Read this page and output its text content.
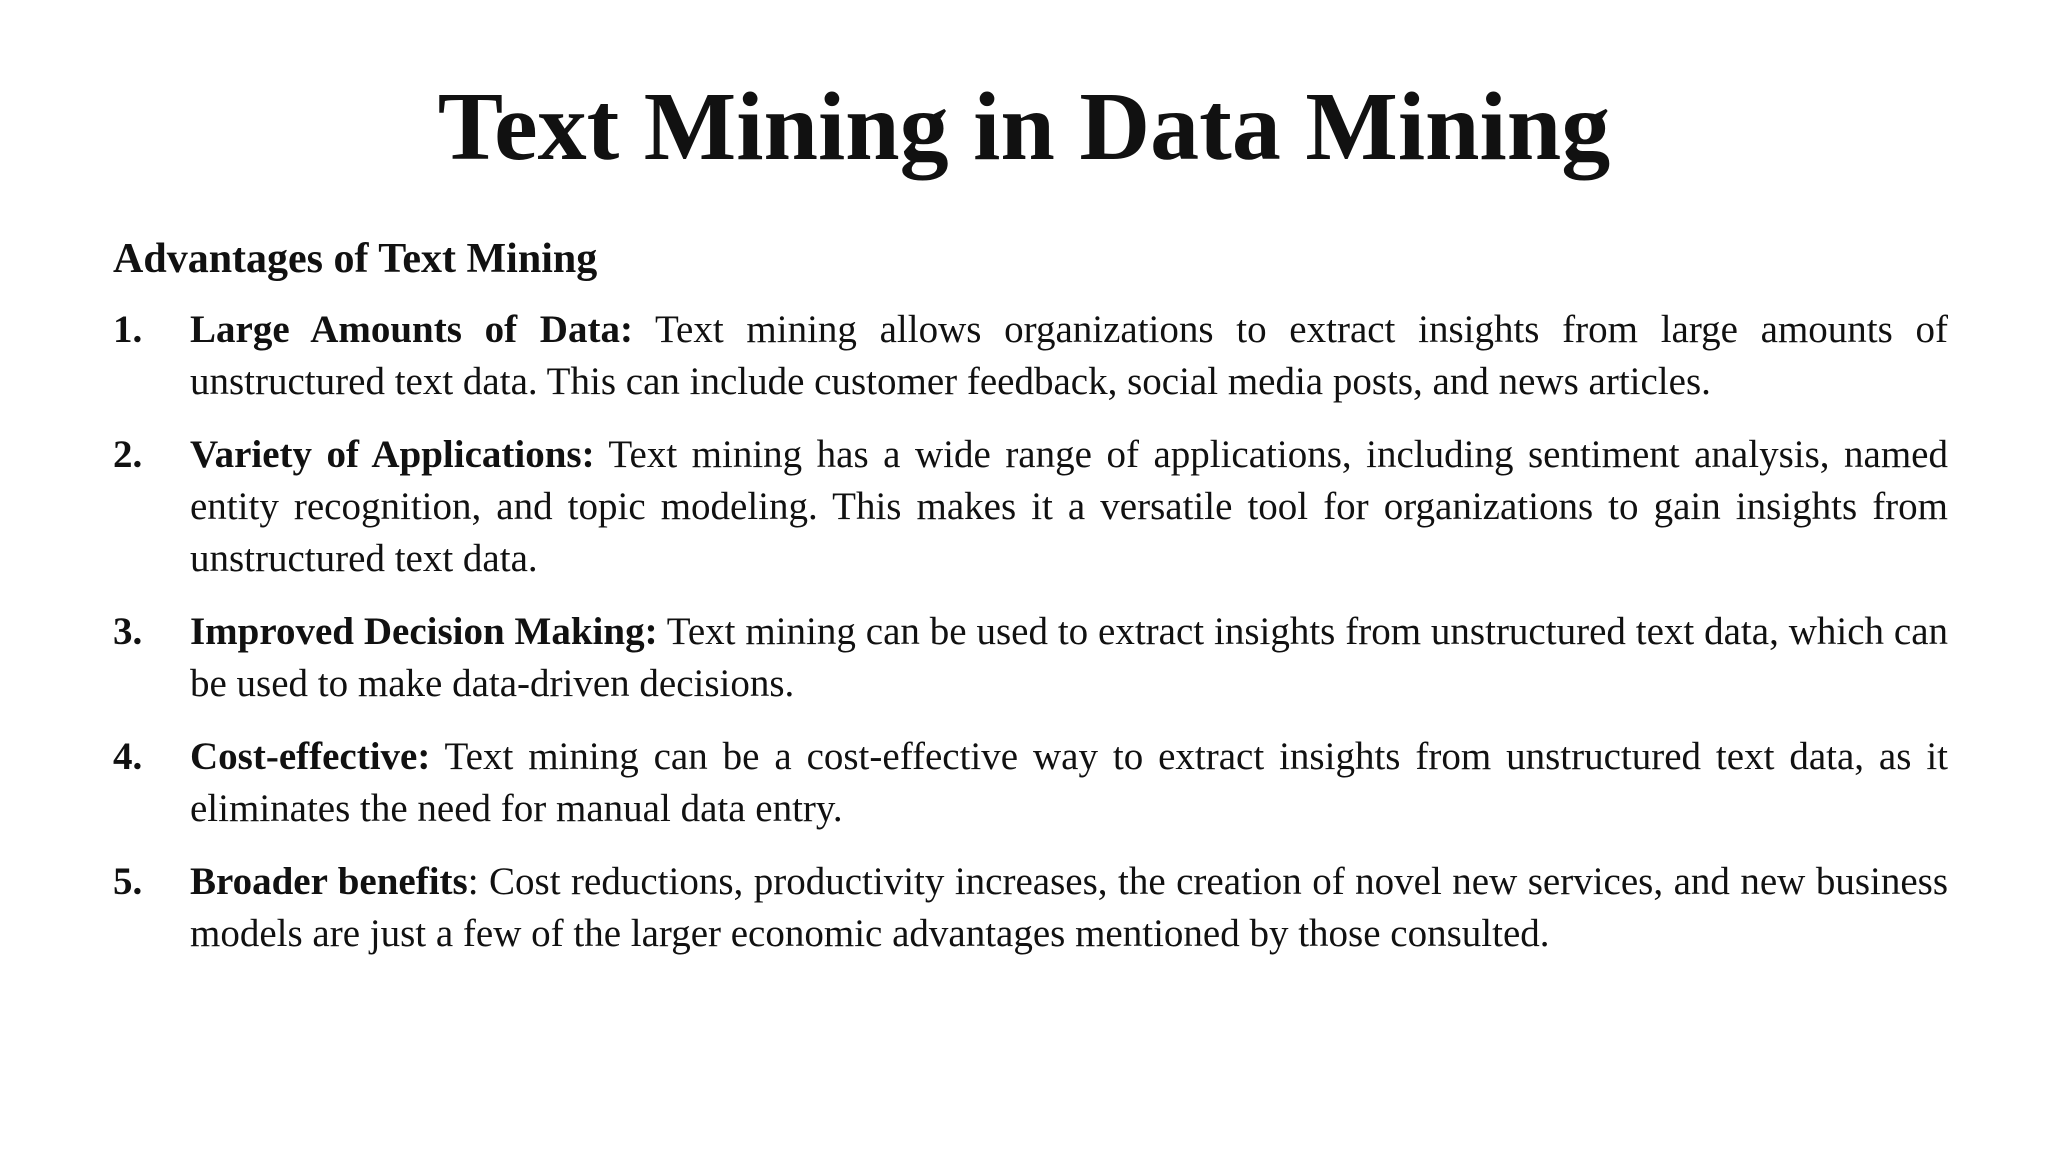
Text Mining in Data Mining
Advantages of Text Mining
1. Large Amounts of Data: Text mining allows organizations to extract insights from large amounts of unstructured text data. This can include customer feedback, social media posts, and news articles.
2. Variety of Applications: Text mining has a wide range of applications, including sentiment analysis, named entity recognition, and topic modeling. This makes it a versatile tool for organizations to gain insights from unstructured text data.
3. Improved Decision Making: Text mining can be used to extract insights from unstructured text data, which can be used to make data-driven decisions.
4. Cost-effective: Text mining can be a cost-effective way to extract insights from unstructured text data, as it eliminates the need for manual data entry.
5. Broader benefits: Cost reductions, productivity increases, the creation of novel new services, and new business models are just a few of the larger economic advantages mentioned by those consulted.
